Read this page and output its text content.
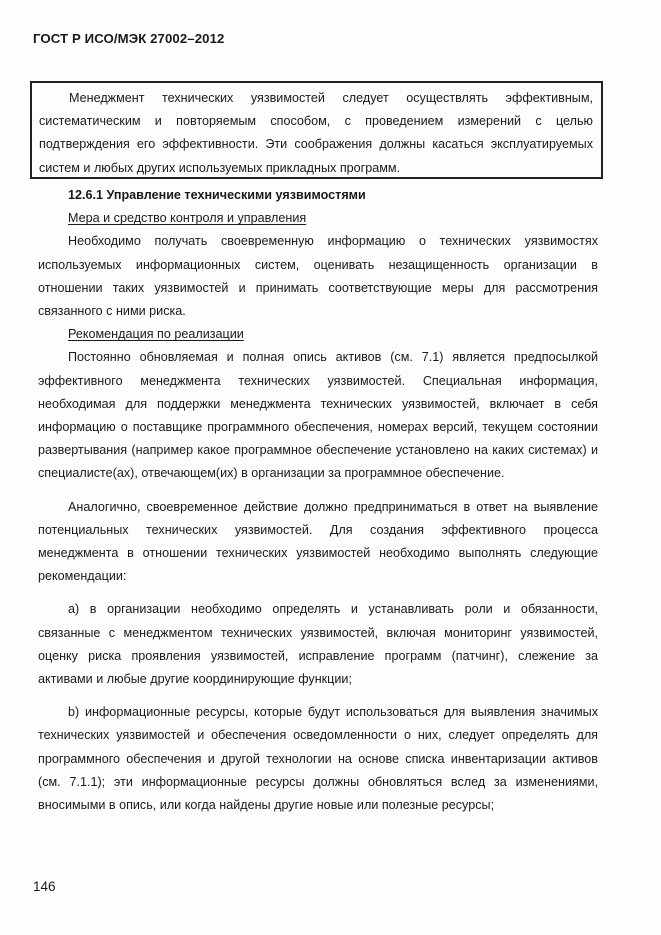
ГОСТ Р ИСО/МЭК 27002–2012

Менеджмент технических уязвимостей следует осуществлять эффективным, систематическим и повторяемым способом, с проведением измерений с целью подтверждения его эффективности. Эти соображения должны касаться эксплуатируемых систем и любых других используемых прикладных программ.

12.6.1 Управление техническими уязвимостями

Мера и средство контроля и управления

Необходимо получать своевременную информацию о технических уязвимостях используемых информационных систем, оценивать незащищенность организации в отношении таких уязвимостей и принимать соответствующие меры для рассмотрения связанного с ними риска.

Рекомендация по реализации

Постоянно обновляемая и полная опись активов (см. 7.1) является предпосылкой эффективного менеджмента технических уязвимостей. Специальная информация, необходимая для поддержки менеджмента технических уязвимостей, включает в себя информацию о поставщике программного обеспечения, номерах версий, текущем состоянии развертывания (например какое программное обеспечение установлено на каких системах) и специалисте(ах), отвечающем(их) в организации за программное обеспечение.

Аналогично, своевременное действие должно предприниматься в ответ на выявление потенциальных технических уязвимостей. Для создания эффективного процесса менеджмента в отношении технических уязвимостей необходимо выполнять следующие рекомендации:

a) в организации необходимо определять и устанавливать роли и обязанности, связанные с менеджментом технических уязвимостей, включая мониторинг уязвимостей, оценку риска проявления уязвимостей, исправление программ (патчинг), слежение за активами и любые другие координирующие функции;

b) информационные ресурсы, которые будут использоваться для выявления значимых технических уязвимостей и обеспечения осведомленности о них, следует определять для программного обеспечения и другой технологии на основе списка инвентаризации активов (см. 7.1.1); эти информационные ресурсы должны обновляться вслед за изменениями, вносимыми в опись, или когда найдены другие новые или полезные ресурсы;

146
